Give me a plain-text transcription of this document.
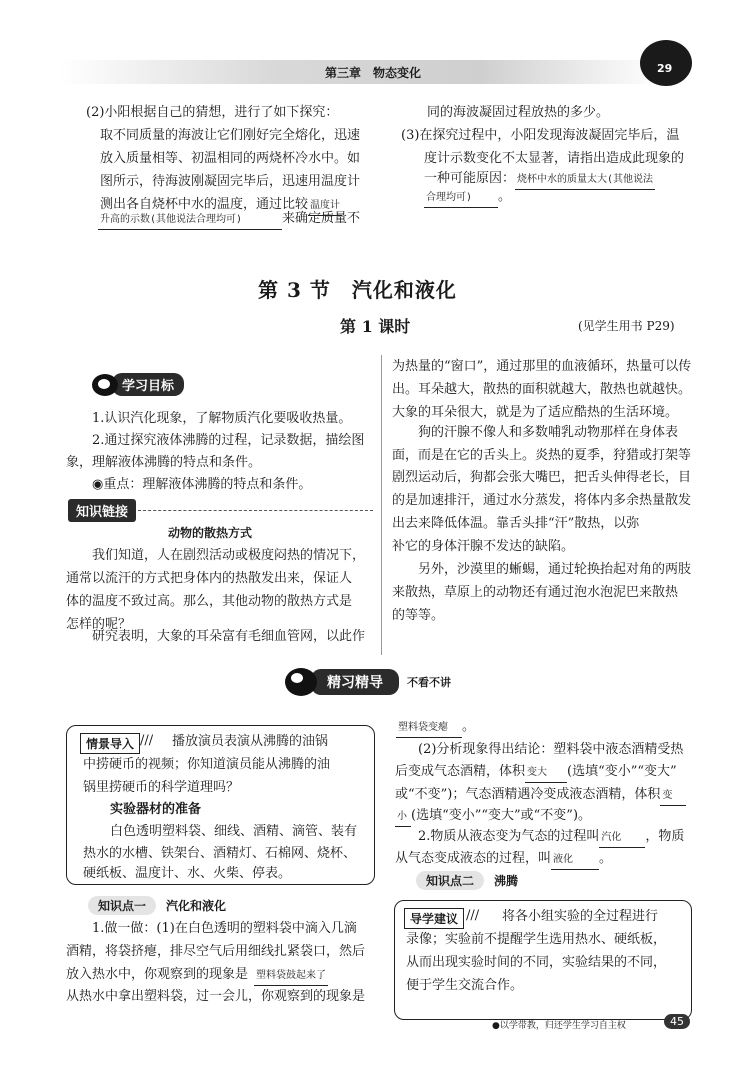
第三章　物态变化	29
(2)小阳根据自己的猜想，进行了如下探究：
取不同质量的海波让它们刚好完全熔化，迅速
放入质量相等、初温相同的两烧杯冷水中。如
图所示，待海波刚凝固完毕后，迅速用温度计
测出各自烧杯中水的温度，通过比较 温度计
升高的示数(其他说法合理均可)	来确定质量不
同的海波凝固过程放热的多少。
(3)在探究过程中，小阳发现海波凝固完毕后，温
度计示数变化不太显著，请指出造成此现象的
一种可能原因： 烧杯中水的质量太大(其他说法
合理均可) 。
第 3 节　汽化和液化
第 1 课时	(见学生用书 P29)
学习目标
1.认识汽化现象，了解物质汽化要吸收热量。
2.通过探究液体沸腾的过程，记录数据，描绘图
象，理解液体沸腾的特点和条件。
◉重点：理解液体沸腾的特点和条件。
知识链接
动物的散热方式
我们知道，人在剧烈活动或极度闷热的情况下，
通常以流汗的方式把身体内的热散发出来，保证人
体的温度不致过高。那么，其他动物的散热方式是
怎样的呢？
研究表明，大象的耳朵富有毛细血管网，以此作
为热量的“窗口”，通过那里的血液循环，热量可以传
出。耳朵越大，散热的面积就越大，散热也就越快。
大象的耳朵很大，就是为了适应酷热的生活环境。
狗的汗腺不像人和多数哺乳动物那样在身体表
面，而是在它的舌头上。炎热的夏季，狩猎或打架等
剧烈运动后，狗都会张大嘴巴，把舌头伸得老长，目
的是加速排汗，通过水分蒸发，将体内多余热量散发
出去来降低体温。靠舌头排“汗”散热，以弥
补它的身体汗腺不发达的缺陷。
另外，沙漠里的蜥蜴，通过轮换抬起对角的两肢
来散热，草原上的动物还有通过泡水泡泥巴来散热
的等等。
精习精导	不看不讲
情景导入 /// 播放演员表演从沸腾的油锅
中捞硬币的视频；你知道演员能从沸腾的油
锅里捞硬币的科学道理吗？
实验器材的准备
白色透明塑料袋、细线、酒精、滴管、装有
热水的水槽、铁架台、酒精灯、石棉网、烧杯、
硬纸板、温度计、水、火柴、停表。
知识点一	汽化和液化
1.做一做：(1)在白色透明的塑料袋中滴入几滴
酒精，将袋挤瘪，排尽空气后用细线扎紧袋口，然后
放入热水中，你观察到的现象是 塑料袋鼓起来了
从热水中拿出塑料袋，过一会儿，你观察到的现象是
塑料袋变瘪 。
(2)分析现象得出结论：塑料袋中液态酒精受热
后变成气态酒精，体积 变大 (选填“变小”“变大”
或“不变”)；气态酒精遇冷变成液态酒精，体积 变
小 (选填“变小”“变大”或“不变”)。
2.物质从液态变为气态的过程叫 汽化 ，物质
从气态变成液态的过程，叫 液化 。
知识点二	沸腾
导学建议 /// 将各小组实验的全过程进行
录像；实验前不提醒学生选用热水、硬纸板，
从而出现实验时间的不同，实验结果的不同，
便于学生交流合作。
●以学带教，归还学生学习自主权	45
